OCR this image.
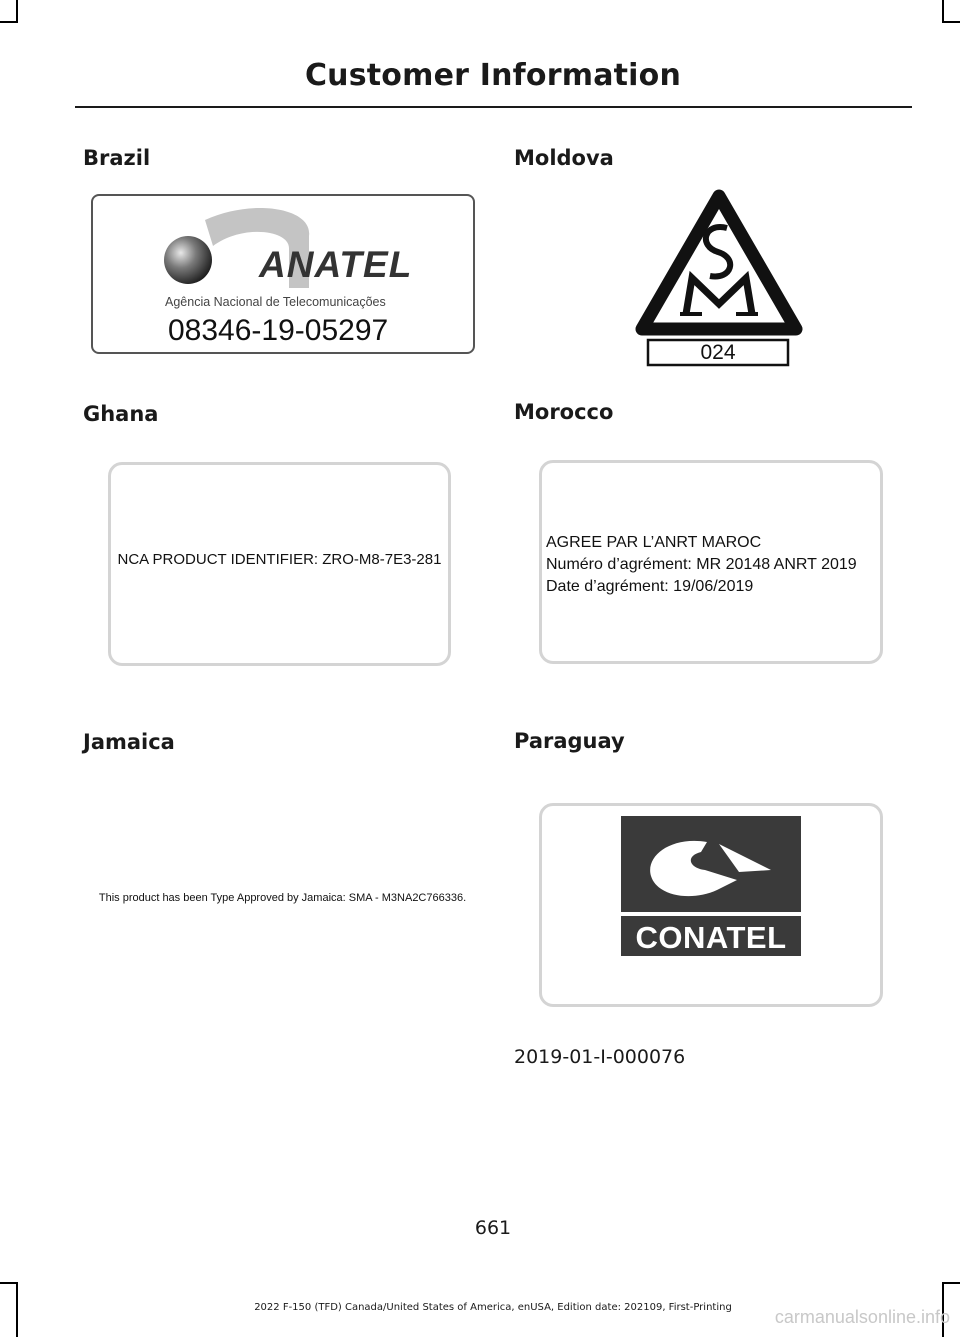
Customer Information
Brazil
ANATEL
Agência Nacional de Telecomunicações
08346-19-05297
Moldova
024
Ghana
NCA PRODUCT IDENTIFIER: ZRO-M8-7E3-281
Morocco
AGREE PAR L’ANRT MAROC
Numéro d’agrément: MR 20148 ANRT 2019
Date d’agrément: 19/06/2019
Jamaica
This product has been Type Approved by Jamaica: SMA - M3NA2C766336.
Paraguay
CONATEL
2019-01-I-000076
661
2022 F-150 (TFD) Canada/United States of America, enUSA, Edition date: 202109, First-Printing	carmanualsonline.info
